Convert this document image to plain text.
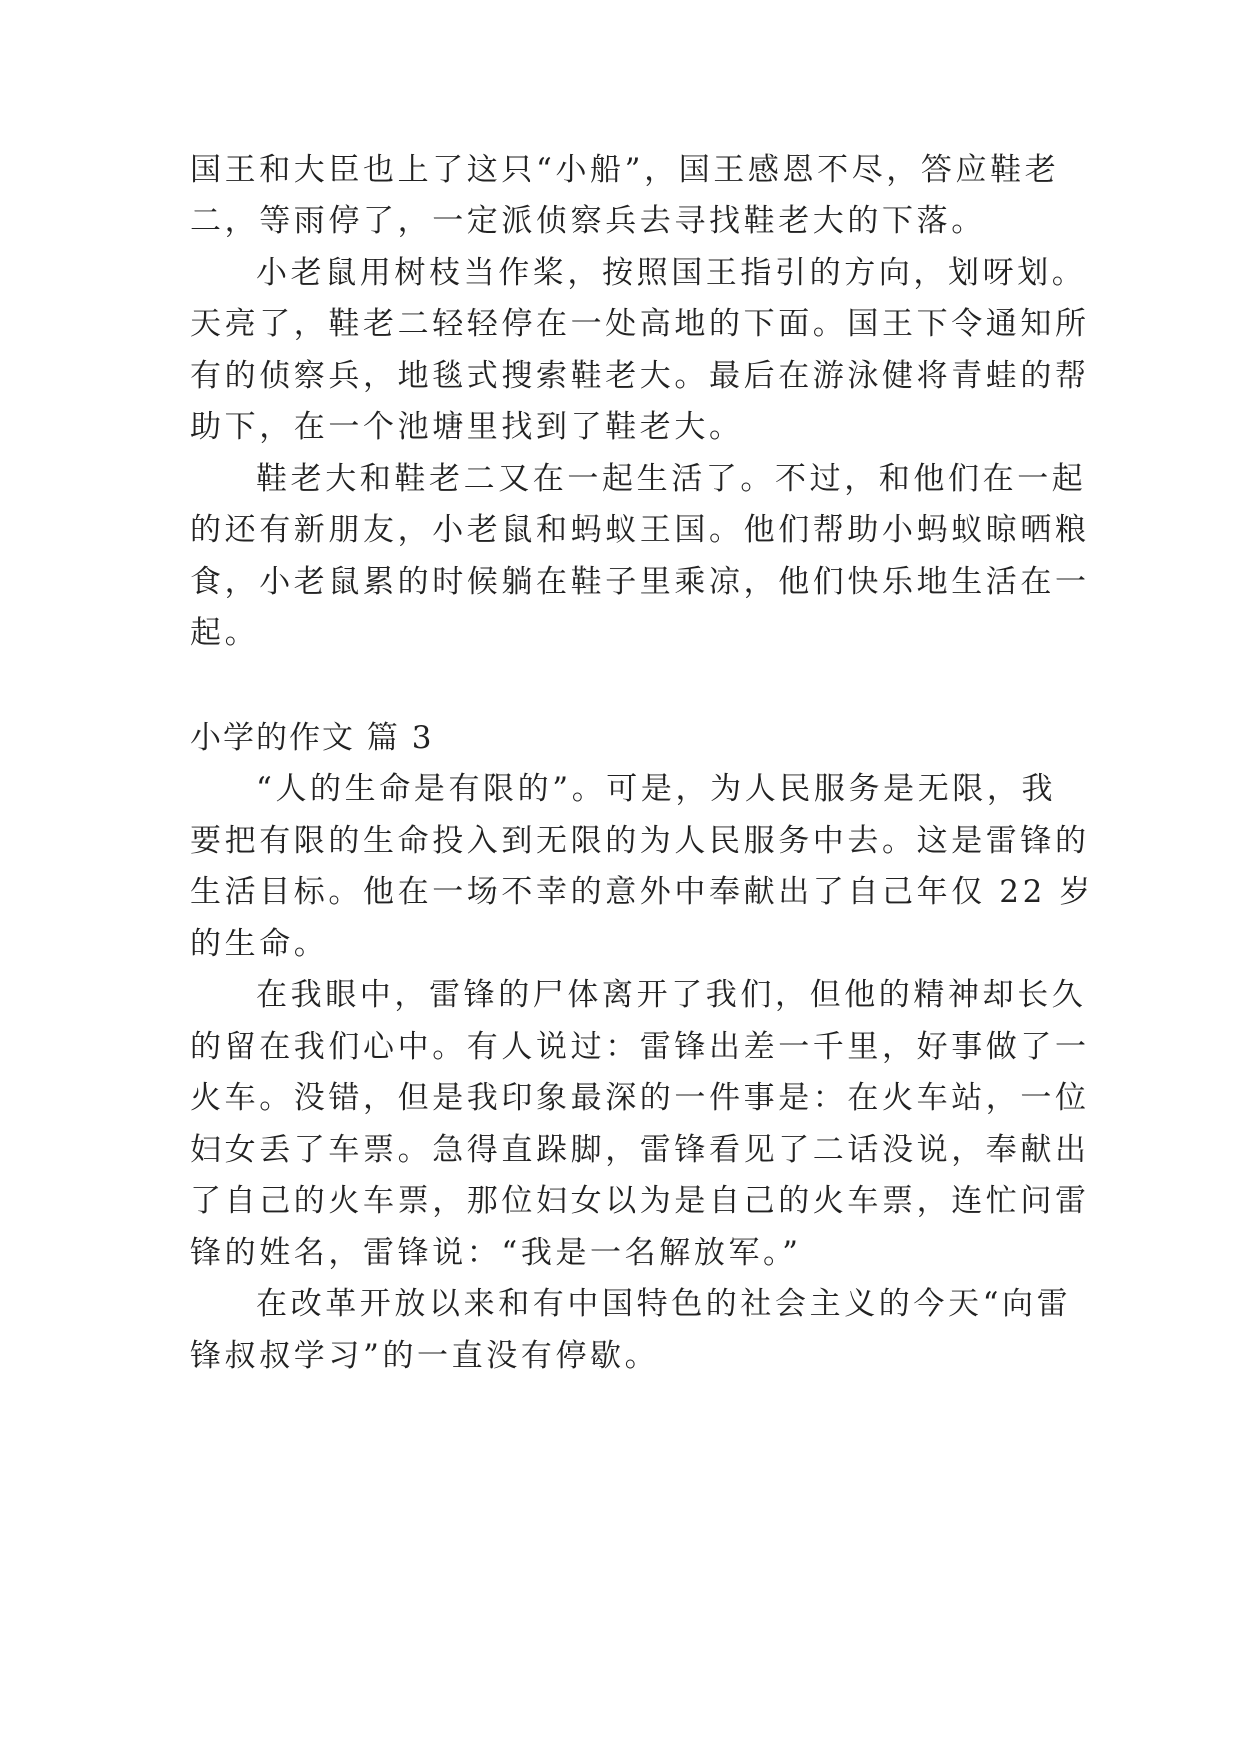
国王和大臣也上了这只“小船”，国王感恩不尽，答应鞋老
二，等雨停了，一定派侦察兵去寻找鞋老大的下落。
小老鼠用树枝当作桨，按照国王指引的方向，划呀划。
天亮了，鞋老二轻轻停在一处高地的下面。国王下令通知所
有的侦察兵，地毯式搜索鞋老大。最后在游泳健将青蛙的帮
助下，在一个池塘里找到了鞋老大。
鞋老大和鞋老二又在一起生活了。不过，和他们在一起
的还有新朋友，小老鼠和蚂蚁王国。他们帮助小蚂蚁晾晒粮
食，小老鼠累的时候躺在鞋子里乘凉，他们快乐地生活在一
起。
小学的作文 篇 3
“人的生命是有限的”。可是，为人民服务是无限，我
要把有限的生命投入到无限的为人民服务中去。这是雷锋的
生活目标。他在一场不幸的意外中奉献出了自己年仅 22 岁
的生命。
在我眼中，雷锋的尸体离开了我们，但他的精神却长久
的留在我们心中。有人说过：雷锋出差一千里，好事做了一
火车。没错，但是我印象最深的一件事是：在火车站，一位
妇女丢了车票。急得直跺脚，雷锋看见了二话没说，奉献出
了自己的火车票，那位妇女以为是自己的火车票，连忙问雷
锋的姓名，雷锋说：“我是一名解放军。”
在改革开放以来和有中国特色的社会主义的今天“向雷
锋叔叔学习”的一直没有停歇。
